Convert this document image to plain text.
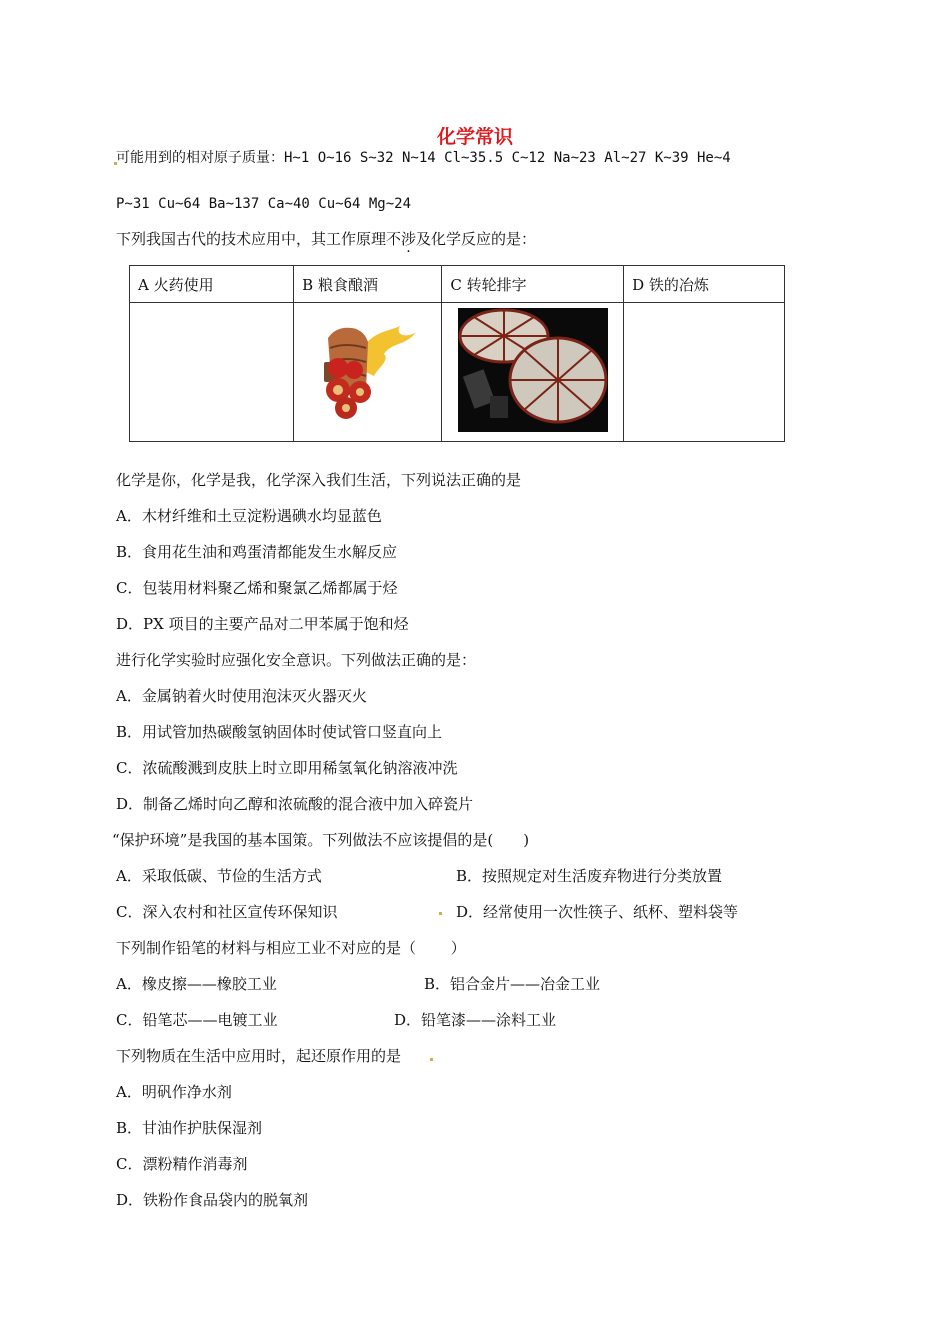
化学常识
可能用到的相对原子质量：H~1 O~16 S~32 N~14 Cl~35.5 C~12 Na~23 Al~27 K~39 He~4
P~31 Cu~64 Ba~137 Ca~40 Cu~64 Mg~24
下列我国古代的技术应用中，其工作原理不涉及化学反应的是：
A 火药使用	B 粮食酿酒	C 转轮排字	D 铁的冶炼

化学是你，化学是我，化学深入我们生活，下列说法正确的是
A．木材纤维和土豆淀粉遇碘水均显蓝色
B．食用花生油和鸡蛋清都能发生水解反应
C．包装用材料聚乙烯和聚氯乙烯都属于烃
D．PX 项目的主要产品对二甲苯属于饱和烃
进行化学实验时应强化安全意识。下列做法正确的是：
A．金属钠着火时使用泡沫灭火器灭火
B．用试管加热碳酸氢钠固体时使试管口竖直向上
C．浓硫酸溅到皮肤上时立即用稀氢氧化钠溶液冲洗
D．制备乙烯时向乙醇和浓硫酸的混合液中加入碎瓷片
“保护环境”是我国的基本国策。下列做法不应该提倡的是(　　)
A．采取低碳、节俭的生活方式	B．按照规定对生活废弃物进行分类放置
C．深入农村和社区宣传环保知识	D．经常使用一次性筷子、纸杯、塑料袋等
下列制作铅笔的材料与相应工业不对应的是（　　 ）
A．橡皮擦——橡胶工业	B．铝合金片——冶金工业
C．铅笔芯——电镀工业	D．铅笔漆——涂料工业
下列物质在生活中应用时，起还原作用的是
A．明矾作净水剂
B．甘油作护肤保湿剂
C．漂粉精作消毒剂
D．铁粉作食品袋内的脱氧剂
